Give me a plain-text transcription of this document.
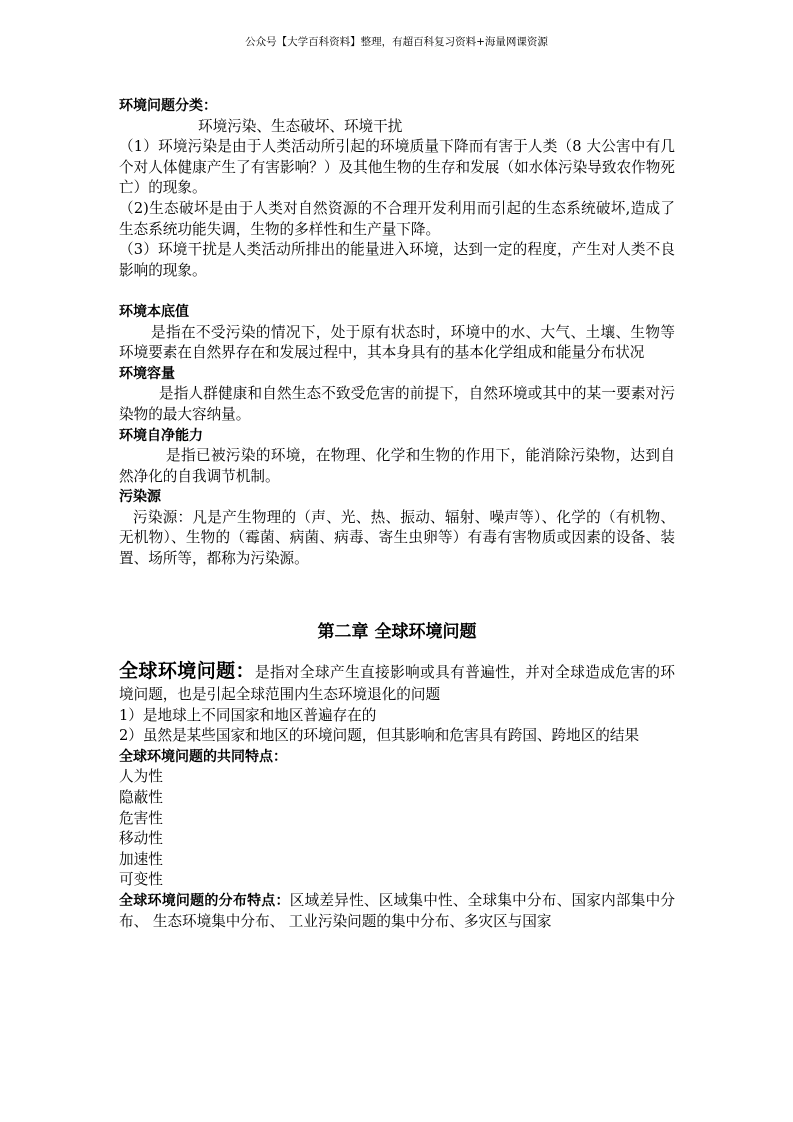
公众号【大学百科资料】整理，有超百科复习资料+海量网课资源

环境问题分类：

环境污染、生态破坏、环境干扰

（1）环境污染是由于人类活动所引起的环境质量下降而有害于人类（8 大公害中有几个对人体健康产生了有害影响？）及其他生物的生存和发展（如水体污染导致农作物死亡）的现象。

（2)生态破坏是由于人类对自然资源的不合理开发利用而引起的生态系统破坏,造成了生态系统功能失调，生物的多样性和生产量下降。

（3）环境干扰是人类活动所排出的能量进入环境，达到一定的程度，产生对人类不良影响的现象。

环境本底值

是指在不受污染的情况下，处于原有状态时，环境中的水、大气、土壤、生物等环境要素在自然界存在和发展过程中，其本身具有的基本化学组成和能量分布状况

环境容量

是指人群健康和自然生态不致受危害的前提下，自然环境或其中的某一要素对污染物的最大容纳量。

环境自净能力

是指已被污染的环境，在物理、化学和生物的作用下，能消除污染物，达到自然净化的自我调节机制。

污染源

污染源：凡是产生物理的（声、光、热、振动、辐射、噪声等）、化学的（有机物、无机物）、生物的（霉菌、病菌、病毒、寄生虫卵等）有毒有害物质或因素的设备、装置、场所等，都称为污染源。

第二章 全球环境问题

全球环境问题：是指对全球产生直接影响或具有普遍性，并对全球造成危害的环境问题，也是引起全球范围内生态环境退化的问题

1）是地球上不同国家和地区普遍存在的

2）虽然是某些国家和地区的环境问题，但其影响和危害具有跨国、跨地区的结果

全球环境问题的共同特点：

人为性

隐蔽性

危害性

移动性

加速性

可变性

全球环境问题的分布特点：区域差异性、区域集中性、全球集中分布、国家内部集中分布、 生态环境集中分布、 工业污染问题的集中分布、多灾区与国家
